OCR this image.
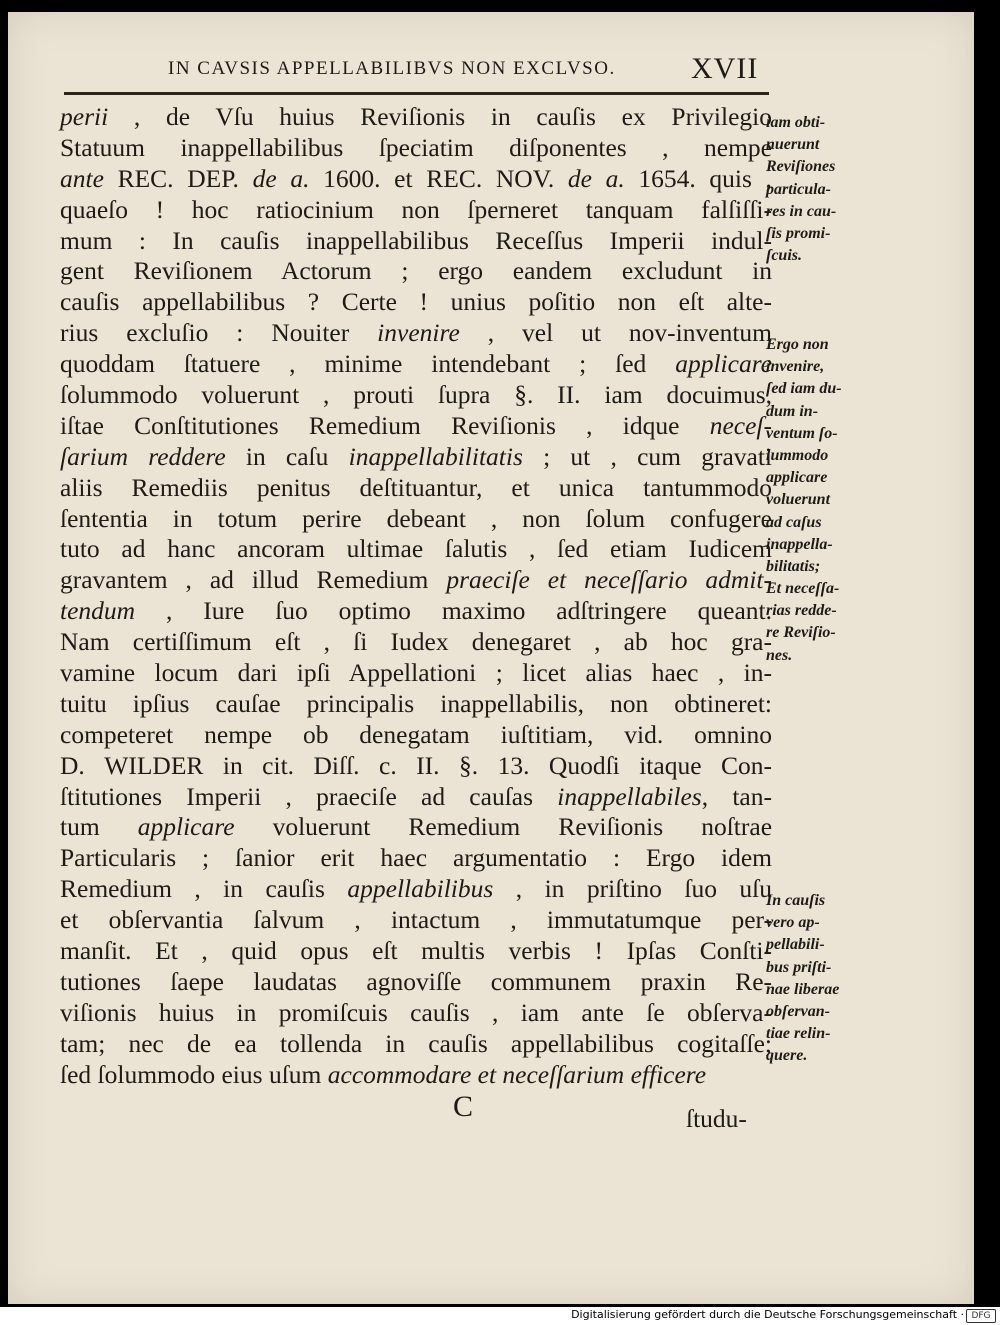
IN CAVSIS APPELLABILIBVS NON EXCLVSO.	XVII
perii , de Vſu huius Reviſionis in cauſis ex Privilegio
Statuum inappellabilibus ſpeciatim diſponentes , nempe
ante REC. DEP. de a. 1600. et REC. NOV. de a. 1654. quis ,
quaeſo ! hoc ratiocinium non ſperneret tanquam falſiſſi-
mum : In cauſis inappellabilibus Receſſus Imperii indul-
gent Reviſionem Actorum ; ergo eandem excludunt in
cauſis appellabilibus ? Certe ! unius poſitio non eſt alte-
rius excluſio : Nouiter invenire , vel ut nov-inventum
quoddam ſtatuere , minime intendebant ; ſed applicare
ſolummodo voluerunt , prouti ſupra §. II. iam docuimus,
iſtae Conſtitutiones Remedium Reviſionis , idque neceſ-
ſarium reddere in caſu inappellabilitatis ; ut , cum gravati
aliis Remediis penitus deſtituantur, et unica tantummodo
ſententia in totum perire debeant , non ſolum confugere
tuto ad hanc ancoram ultimae ſalutis , ſed etiam Iudicem
gravantem , ad illud Remedium praeciſe et neceſſario admit-
tendum , Iure ſuo optimo maximo adſtringere queant.
Nam certiſſimum eſt , ſi Iudex denegaret , ab hoc gra-
vamine locum dari ipſi Appellationi ; licet alias haec , in-
tuitu ipſius cauſae principalis inappellabilis, non obtineret:
competeret nempe ob denegatam iuſtitiam, vid. omnino
D. WILDER in cit. Diſſ. c. II. §. 13. Quodſi itaque Con-
ſtitutiones Imperii , praeciſe ad cauſas inappellabiles, tan-
tum applicare voluerunt Remedium Reviſionis noſtrae
Particularis ; ſanior erit haec argumentatio : Ergo idem
Remedium , in cauſis appellabilibus , in priſtino ſuo uſu
et obſervantia ſalvum , intactum , immutatumque per-
manſit. Et , quid opus eſt multis verbis ! Ipſas Conſti-
tutiones ſaepe laudatas agnoviſſe communem praxin Re-
viſionis huius in promiſcuis cauſis , iam ante ſe obſerva-
tam; nec de ea tollenda in cauſis appellabilibus cogitaſſe;
ſed ſolummodo eius uſum accommodare et neceſſarium efficere
iam obti-
nuerunt
Reviſiones
particula-
res in cau-
ſis promi-
ſcuis.
Ergo non
invenire,
ſed iam du-
dum in-
ventum ſo-
lummodo
applicare
voluerunt
ad caſus
inappella-
bilitatis;
Et neceſſa-
rias redde-
re Reviſio-
nes.
In cauſis
vero ap-
pellabili-
bus priſti-
nae liberae
obſervan-
tiae relin-
quere.
C	ſtudu-
Digitalisierung gefördert durch die Deutsche Forschungsgemeinschaft · DFG
